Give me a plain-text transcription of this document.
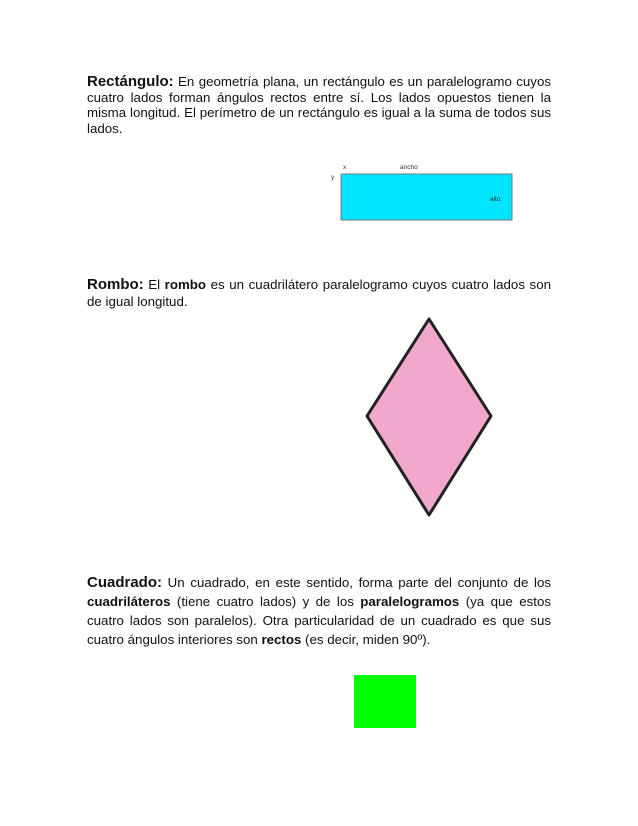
Rectángulo: En geometría plana, un rectángulo es un paralelogramo cuyos cuatro lados forman ángulos rectos entre sí. Los lados opuestos tienen la misma longitud. El perímetro de un rectángulo es igual a la suma de todos sus lados.

x
y
ancho
alto

Rombo: El rombo es un cuadrilátero paralelogramo cuyos cuatro lados son de igual longitud.

Cuadrado: Un cuadrado, en este sentido, forma parte del conjunto de los cuadriláteros (tiene cuatro lados) y de los paralelogramos (ya que estos cuatro lados son paralelos). Otra particularidad de un cuadrado es que sus cuatro ángulos interiores son rectos (es decir, miden 90º).
